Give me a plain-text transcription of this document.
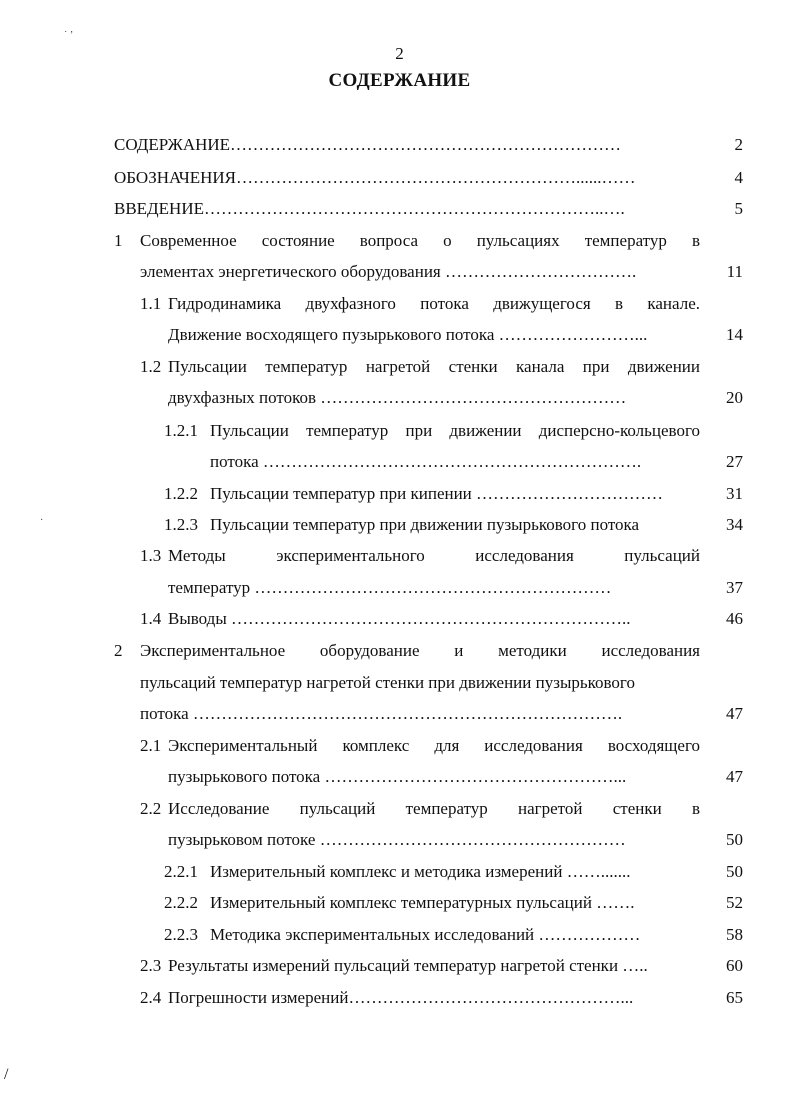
2
СОДЕРЖАНИЕ
˙ ʼ
·
/
СОДЕРЖАНИЕ……………………………………………………………	2
ОБОЗНАЧЕНИЯ……………………………………………………......……	4
ВВЕДЕНИЕ……………………………………………………………..….	5
1	Современное состояние вопроса о пульсациях температур в
элементах энергетического оборудования …………………………….	11
1.1 Гидродинамика двухфазного потока движущегося в канале.
Движение восходящего пузырькового потока ……………………...	14
1.2 Пульсации температур нагретой стенки канала при движении
двухфазных потоков ………………………………………………	20
1.2.1 Пульсации температур при движении дисперсно-кольцевого
потока ………………………………………………………….	27
1.2.2 Пульсации температур при кипении ……………………………	31
1.2.3 Пульсации температур при движении пузырькового потока	34
1.3 Методы экспериментального исследования пульсаций
температур ………………………………………………………	37
1.4 Выводы ……………………………………………………………..	46
2	Экспериментальное оборудование и методики исследования
пульсаций температур нагретой стенки при движении пузырькового
потока ………………………………………………………………….	47
2.1 Экспериментальный комплекс для исследования восходящего
пузырькового потока ……………………………………………...	47
2.2 Исследование пульсаций температур нагретой стенки в
пузырьковом потоке ………………………………………………	50
2.2.1 Измерительный комплекс и методика измерений …….......	50
2.2.2 Измерительный комплекс температурных пульсаций …….	52
2.2.3 Методика экспериментальных исследований ………………	58
2.3 Результаты измерений пульсаций температур нагретой стенки …..	60
2.4 Погрешности измерений…………………………………………...	65
